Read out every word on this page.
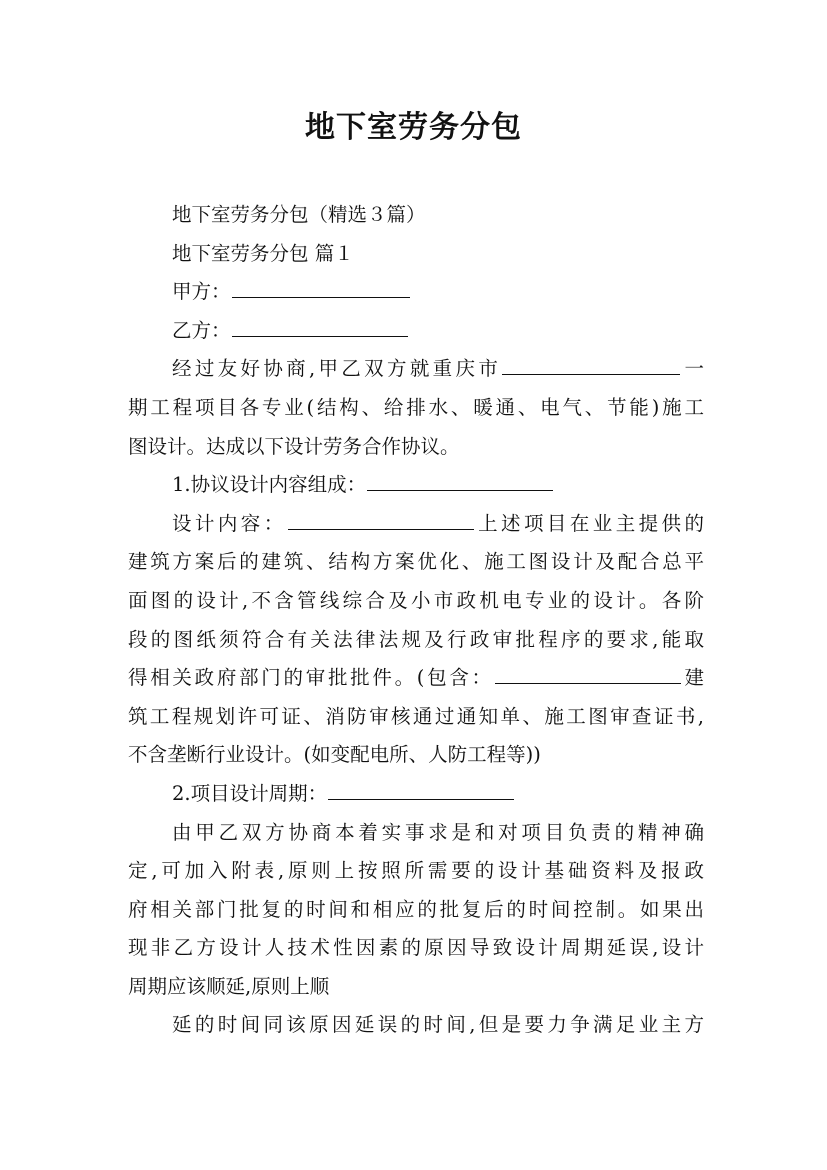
地下室劳务分包
地下室劳务分包（精选３篇）
地下室劳务分包 篇１
甲方：
乙方：
经过友好协商,甲乙双方就重庆市	一
期工程项目各专业(结构、给排水、暖通、电气、节能)施工
图设计。达成以下设计劳务合作协议。
1.协议设计内容组成：
设计内容：	上述项目在业主提供的
建筑方案后的建筑、结构方案优化、施工图设计及配合总平
面图的设计,不含管线综合及小市政机电专业的设计。各阶
段的图纸须符合有关法律法规及行政审批程序的要求,能取
得相关政府部门的审批批件。(包含：	建
筑工程规划许可证、消防审核通过通知单、施工图审查证书,
不含垄断行业设计。(如变配电所、人防工程等))
2.项目设计周期：
由甲乙双方协商本着实事求是和对项目负责的精神确
定,可加入附表,原则上按照所需要的设计基础资料及报政
府相关部门批复的时间和相应的批复后的时间控制。如果出
现非乙方设计人技术性因素的原因导致设计周期延误,设计
周期应该顺延,原则上顺
延的时间同该原因延误的时间,但是要力争满足业主方
